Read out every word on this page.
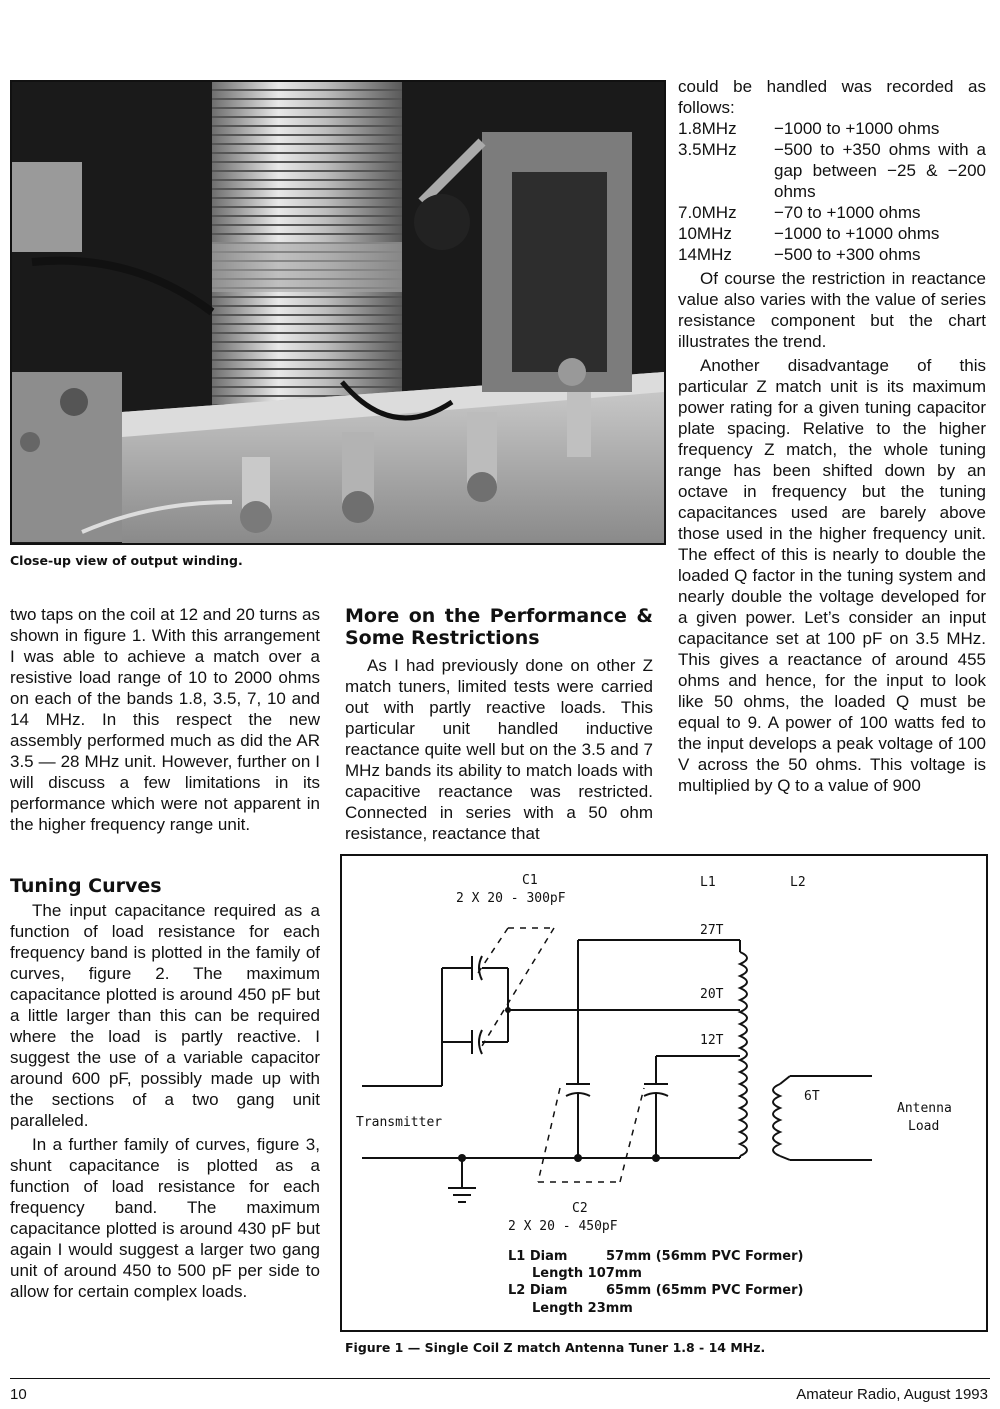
Close-up view of output winding.

could be handled was recorded as follows:

1.8MHz	−1000 to +1000 ohms
3.5MHz	−500 to +350 ohms with a gap between −25 & −200 ohms
7.0MHz	−70 to +1000 ohms
10MHz	−1000 to +1000 ohms
14MHz	−500 to +300 ohms

Of course the restriction in reactance value also varies with the value of series resistance component but the chart illustrates the trend.

Another disadvantage of this particular Z match unit is its maximum power rating for a given tuning capacitor plate spacing. Relative to the higher frequency Z match, the whole tuning range has been shifted down by an octave in frequency but the tuning capacitances used are barely above those used in the higher frequency unit. The effect of this is nearly to double the loaded Q factor in the tuning system and nearly double the voltage developed for a given power. Let’s consider an input capacitance set at 100 pF on 3.5 MHz. This gives a reactance of around 455 ohms and hence, for the input to look like 50 ohms, the loaded Q must be equal to 9. A power of 100 watts fed to the input develops a peak voltage of 100 V across the 50 ohms. This voltage is multiplied by Q to a value of 900

two taps on the coil at 12 and 20 turns as shown in figure 1. With this arrangement I was able to achieve a match over a resistive load range of 10 to 2000 ohms on each of the bands 1.8, 3.5, 7, 10 and 14 MHz. In this respect the new assembly performed much as did the AR 3.5 — 28 MHz unit. However, further on I will discuss a few limitations in its performance which were not apparent in the higher frequency range unit.

Tuning Curves

The input capacitance required as a function of load resistance for each frequency band is plotted in the family of curves, figure 2. The maximum capacitance plotted is around 450 pF but a little larger than this can be required where the load is partly reactive. I suggest the use of a variable capacitor around 600 pF, possibly made up with the sections of a two gang unit paralleled.

In a further family of curves, figure 3, shunt capacitance is plotted as a function of load resistance for each frequency band. The maximum capacitance plotted is around 430 pF but again I would suggest a larger two gang unit of around 450 to 500 pF per side to allow for certain complex loads.

More on the Performance & Some Restrictions

As I had previously done on other Z match tuners, limited tests were carried out with partly reactive loads. This particular unit handled inductive reactance quite well but on the 3.5 and 7 MHz bands its ability to match loads with capacitive reactance was restricted. Connected in series with a 50 ohm resistance, reactance that

C1
2 X 20 - 300pF
L1	L2
27T
20T
12T
6T
Transmitter
Antenna
Load
C2
2 X 20 - 450pF
L1 Diam	57mm (56mm PVC Former)
Length 107mm
L2 Diam	65mm (65mm PVC Former)
Length 23mm
Figure 1 — Single Coil Z match Antenna Tuner 1.8 - 14 MHz.
10	Amateur Radio, August 1993
